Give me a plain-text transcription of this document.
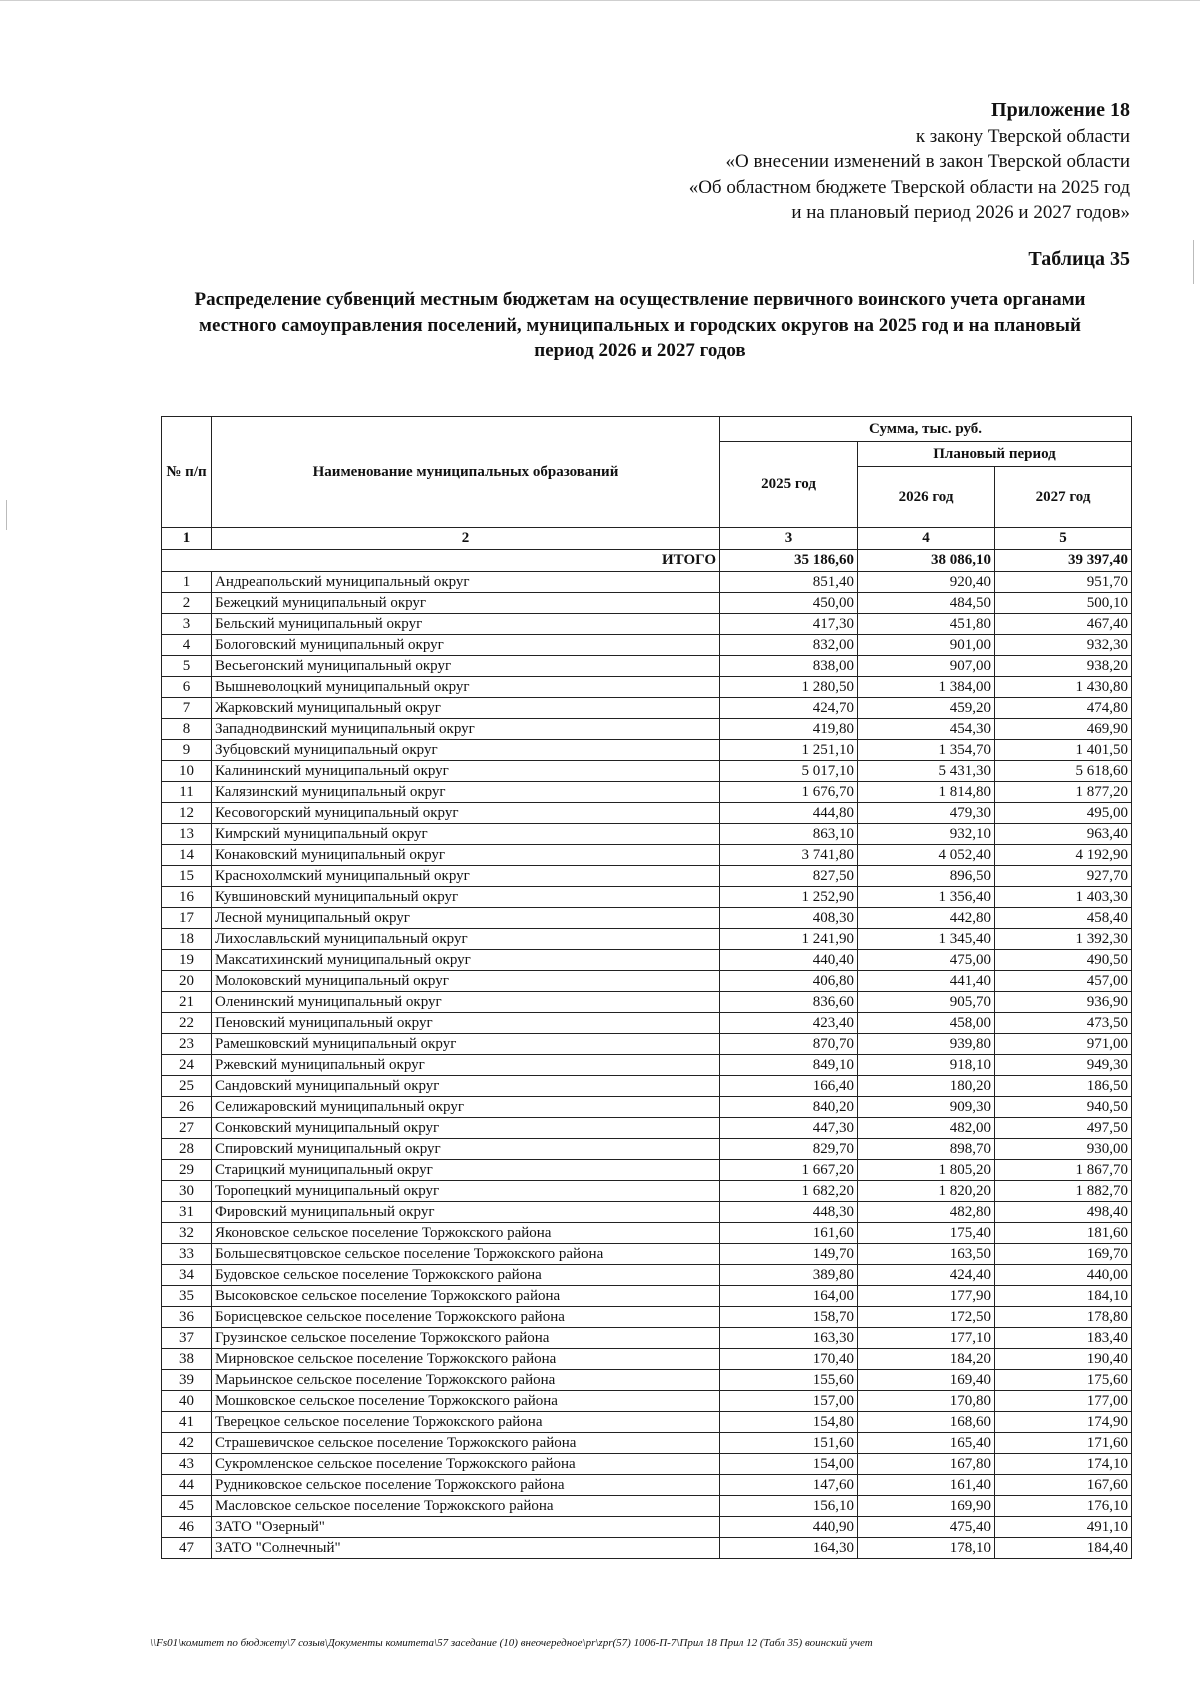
Приложение 18
к закону Тверской области
«О внесении изменений в закон Тверской области
«Об областном бюджете Тверской области на 2025 год
и на плановый период 2026 и 2027 годов»
Таблица 35
Распределение субвенций местным бюджетам на осуществление первичного воинского учета органами
местного самоуправления поселений, муниципальных и городских округов на 2025 год и на плановый
период 2026 и 2027 годов
№ п/п	Наименование муниципальных образований	Сумма, тыс. руб.		
		2025 год	Плановый период	
			2026 год	2027 год
1	2	3	4	5
ИТОГО		35 186,60	38 086,10	39 397,40
1	Андреапольский муниципальный округ	851,40	920,40	951,70
2	Бежецкий муниципальный округ	450,00	484,50	500,10
3	Бельский муниципальный округ	417,30	451,80	467,40
4	Бологовский муниципальный округ	832,00	901,00	932,30
5	Весьегонский муниципальный округ	838,00	907,00	938,20
6	Вышневолоцкий муниципальный округ	1 280,50	1 384,00	1 430,80
7	Жарковский муниципальный округ	424,70	459,20	474,80
8	Западнодвинский муниципальный округ	419,80	454,30	469,90
9	Зубцовский муниципальный округ	1 251,10	1 354,70	1 401,50
10	Калининский муниципальный округ	5 017,10	5 431,30	5 618,60
11	Калязинский муниципальный округ	1 676,70	1 814,80	1 877,20
12	Кесовогорский муниципальный округ	444,80	479,30	495,00
13	Кимрский муниципальный округ	863,10	932,10	963,40
14	Конаковский муниципальный округ	3 741,80	4 052,40	4 192,90
15	Краснохолмский муниципальный округ	827,50	896,50	927,70
16	Кувшиновский муниципальный округ	1 252,90	1 356,40	1 403,30
17	Лесной муниципальный округ	408,30	442,80	458,40
18	Лихославльский муниципальный округ	1 241,90	1 345,40	1 392,30
19	Максатихинский муниципальный округ	440,40	475,00	490,50
20	Молоковский муниципальный округ	406,80	441,40	457,00
21	Оленинский муниципальный округ	836,60	905,70	936,90
22	Пеновский муниципальный округ	423,40	458,00	473,50
23	Рамешковский муниципальный округ	870,70	939,80	971,00
24	Ржевский муниципальный округ	849,10	918,10	949,30
25	Сандовский муниципальный округ	166,40	180,20	186,50
26	Селижаровский муниципальный округ	840,20	909,30	940,50
27	Сонковский муниципальный округ	447,30	482,00	497,50
28	Спировский муниципальный округ	829,70	898,70	930,00
29	Старицкий муниципальный округ	1 667,20	1 805,20	1 867,70
30	Торопецкий муниципальный округ	1 682,20	1 820,20	1 882,70
31	Фировский муниципальный округ	448,30	482,80	498,40
32	Яконовское сельское поселение Торжокского района	161,60	175,40	181,60
33	Большесвятцовское сельское поселение Торжокского района	149,70	163,50	169,70
34	Будовское сельское поселение Торжокского района	389,80	424,40	440,00
35	Высоковское сельское поселение Торжокского района	164,00	177,90	184,10
36	Борисцевское сельское поселение Торжокского района	158,70	172,50	178,80
37	Грузинское сельское поселение Торжокского района	163,30	177,10	183,40
38	Мирновское сельское поселение Торжокского района	170,40	184,20	190,40
39	Марьинское сельское поселение Торжокского района	155,60	169,40	175,60
40	Мошковское сельское поселение Торжокского района	157,00	170,80	177,00
41	Тверецкое сельское поселение Торжокского района	154,80	168,60	174,90
42	Страшевичское сельское поселение Торжокского района	151,60	165,40	171,60
43	Сукромленское сельское поселение Торжокского района	154,00	167,80	174,10
44	Рудниковское сельское поселение Торжокского района	147,60	161,40	167,60
45	Масловское сельское поселение Торжокского района	156,10	169,90	176,10
46	ЗАТО "Озерный"	440,90	475,40	491,10
47	ЗАТО "Солнечный"	164,30	178,10	184,40
\\Fs01\комитет по бюджету\7 созыв\Документы комитета\57 заседание (10) внеочередное\pr\zpr(57) 1006-П-7\Прил 18 Прил 12 (Табл 35) воинский учет
